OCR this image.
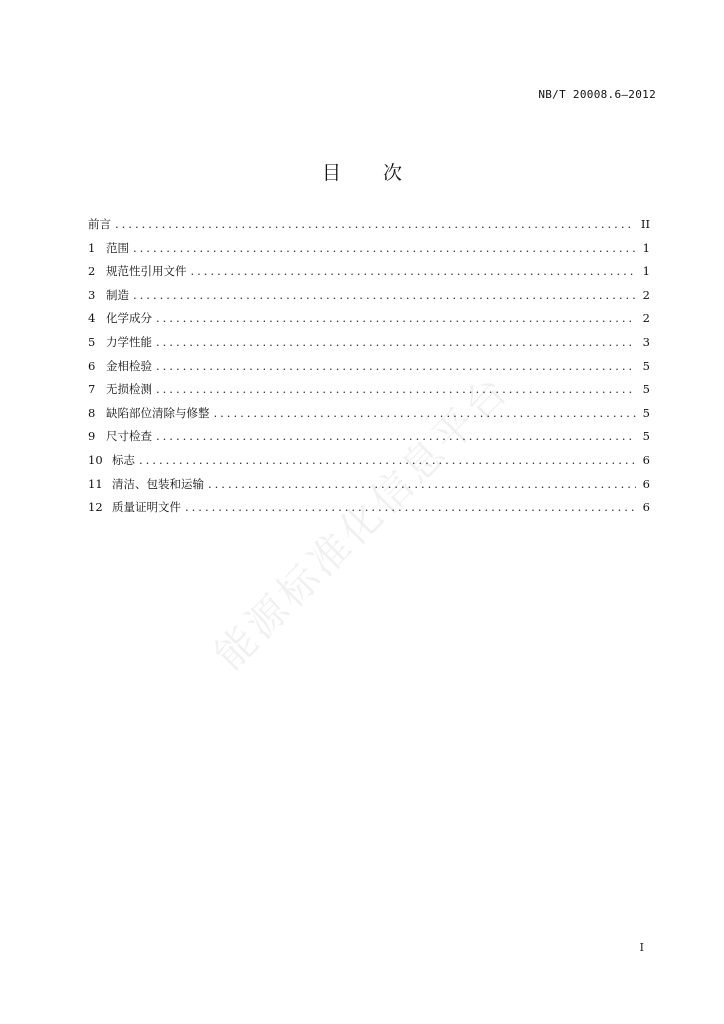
NB/T 20008.6—2012
目 次
前言 .....	II
1 范围 .....	1
2 规范性引用文件 .....	1
3 制造 .....	2
4 化学成分 .....	2
5 力学性能 .....	3
6 金相检验 .....	5
7 无损检测 .....	5
8 缺陷部位清除与修整 .....	5
9 尺寸检查 .....	5
10 标志 .....	6
11 清洁、包装和运输 .....	6
12 质量证明文件 .....	6
能源标准化信息平台
I
